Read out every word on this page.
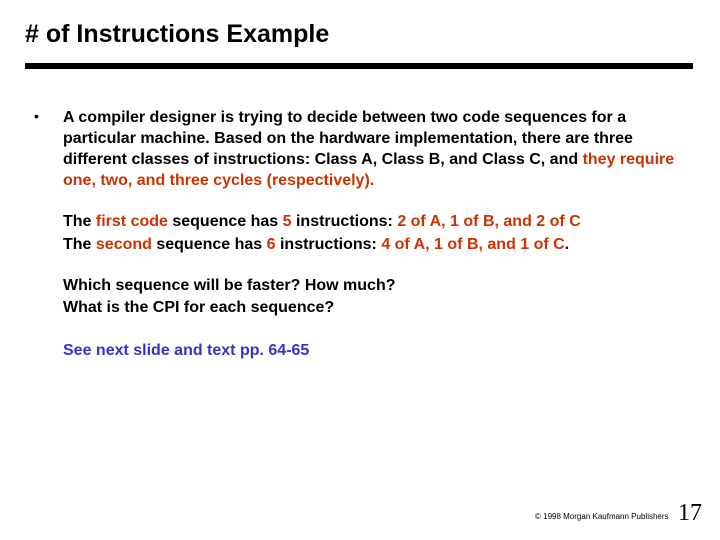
# of Instructions Example
• A compiler designer is trying to decide between two code sequences for a particular machine. Based on the hardware implementation, there are three different classes of instructions: Class A, Class B, and Class C, and they require one, two, and three cycles (respectively).

The first code sequence has 5 instructions: 2 of A, 1 of B, and 2 of C
The second sequence has 6 instructions: 4 of A, 1 of B, and 1 of C.

Which sequence will be faster? How much?
What is the CPI for each sequence?

See next slide and text pp. 64-65

© 1998 Morgan Kaufmann Publishers 17
